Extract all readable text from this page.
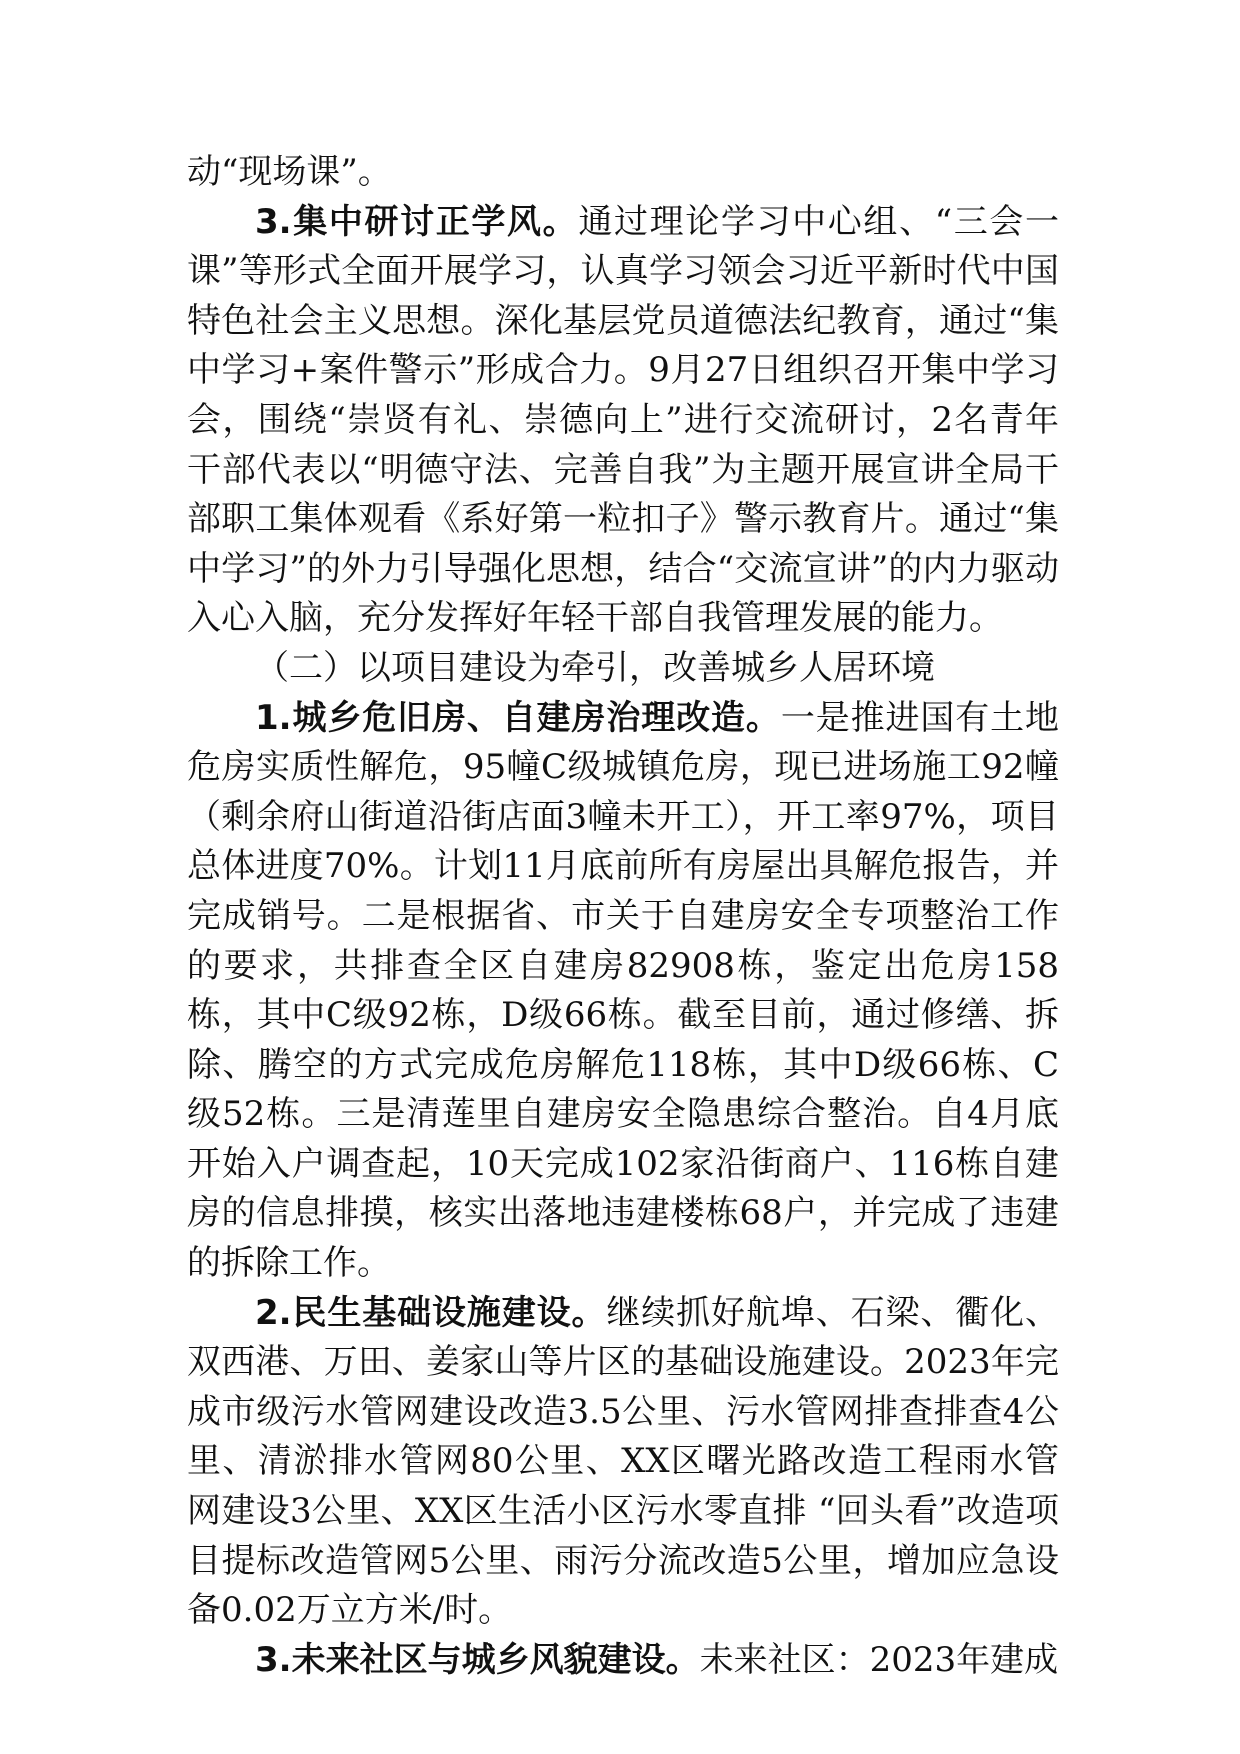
动“现场课”。

3.集中研讨正学风。通过理论学习中心组、“三会一课”等形式全面开展学习，认真学习领会习近平新时代中国特色社会主义思想。深化基层党员道德法纪教育，通过“集中学习+案件警示”形成合力。9月27日组织召开集中学习会，围绕“崇贤有礼、崇德向上”进行交流研讨，2名青年干部代表以“明德守法、完善自我”为主题开展宣讲全局干部职工集体观看《系好第一粒扣子》警示教育片。通过“集中学习”的外力引导强化思想，结合“交流宣讲”的内力驱动入心入脑，充分发挥好年轻干部自我管理发展的能力。

（二）以项目建设为牵引，改善城乡人居环境

1.城乡危旧房、自建房治理改造。一是推进国有土地危房实质性解危，95幢C级城镇危房，现已进场施工92幢（剩余府山街道沿街店面3幢未开工），开工率97%，项目总体进度70%。计划11月底前所有房屋出具解危报告，并完成销号。二是根据省、市关于自建房安全专项整治工作的要求，共排查全区自建房82908栋，鉴定出危房158栋，其中C级92栋，D级66栋。截至目前，通过修缮、拆除、腾空的方式完成危房解危118栋，其中D级66栋、C级52栋。三是清莲里自建房安全隐患综合整治。自4月底开始入户调查起，10天完成102家沿街商户、116栋自建房的信息排摸，核实出落地违建楼栋68户，并完成了违建的拆除工作。

2.民生基础设施建设。继续抓好航埠、石梁、衢化、双西港、万田、姜家山等片区的基础设施建设。2023年完成市级污水管网建设改造3.5公里、污水管网排查排查4公里、清淤排水管网80公里、XX区曙光路改造工程雨水管网建设3公里、XX区生活小区污水零直排 “回头看”改造项目提标改造管网5公里、雨污分流改造5公里，增加应急设备0.02万立方米/时。

3.未来社区与城乡风貌建设。未来社区：2023年建成
